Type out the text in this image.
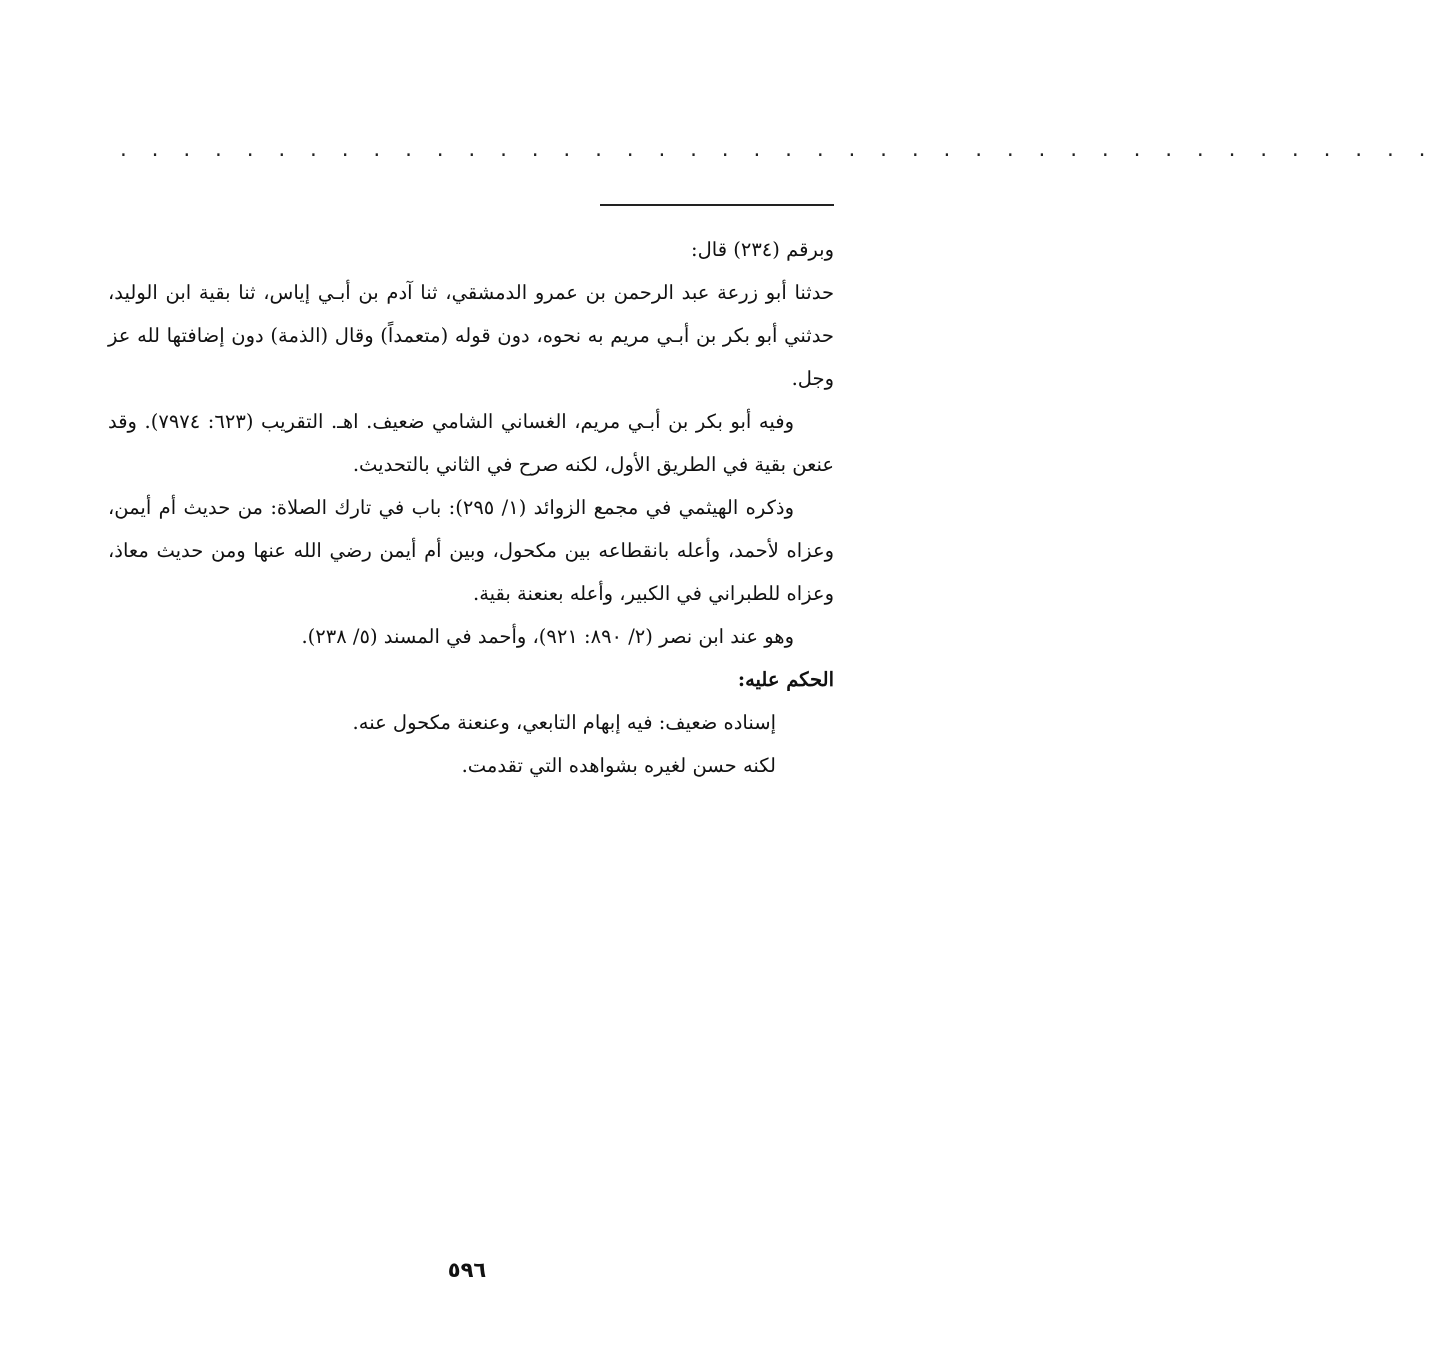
. . . . . . . . . . . . . . . . . . . . . . . . . . . . . . . . . . . . . . . . . .

وبرقم (٢٣٤) قال:

حدثنا أبو زرعة عبد الرحمن بن عمرو الدمشقي، ثنا آدم بن أبـي إياس، ثنا بقية ابن الوليد، حدثني أبو بكر بن أبـي مريم به نحوه، دون قوله (متعمداً) وقال (الذمة) دون إضافتها لله عز وجل.

وفيه أبو بكر بن أبـي مريم، الغساني الشامي ضعيف. اهـ. التقريب (٦٢٣: ٧٩٧٤). وقد عنعن بقية في الطريق الأول، لكنه صرح في الثاني بالتحديث.

وذكره الهيثمي في مجمع الزوائد (١/ ٢٩٥): باب في تارك الصلاة: من حديث أم أيمن، وعزاه لأحمد، وأعله بانقطاعه بين مكحول، وبين أم أيمن رضي الله عنها ومن حديث معاذ، وعزاه للطبراني في الكبير، وأعله بعنعنة بقية.

وهو عند ابن نصر (٢/ ٨٩٠: ٩٢١)، وأحمد في المسند (٥/ ٢٣٨).

الحكم عليه:

إسناده ضعيف: فيه إبهام التابعي، وعنعنة مكحول عنه.

لكنه حسن لغيره بشواهده التي تقدمت.

٥٩٦
